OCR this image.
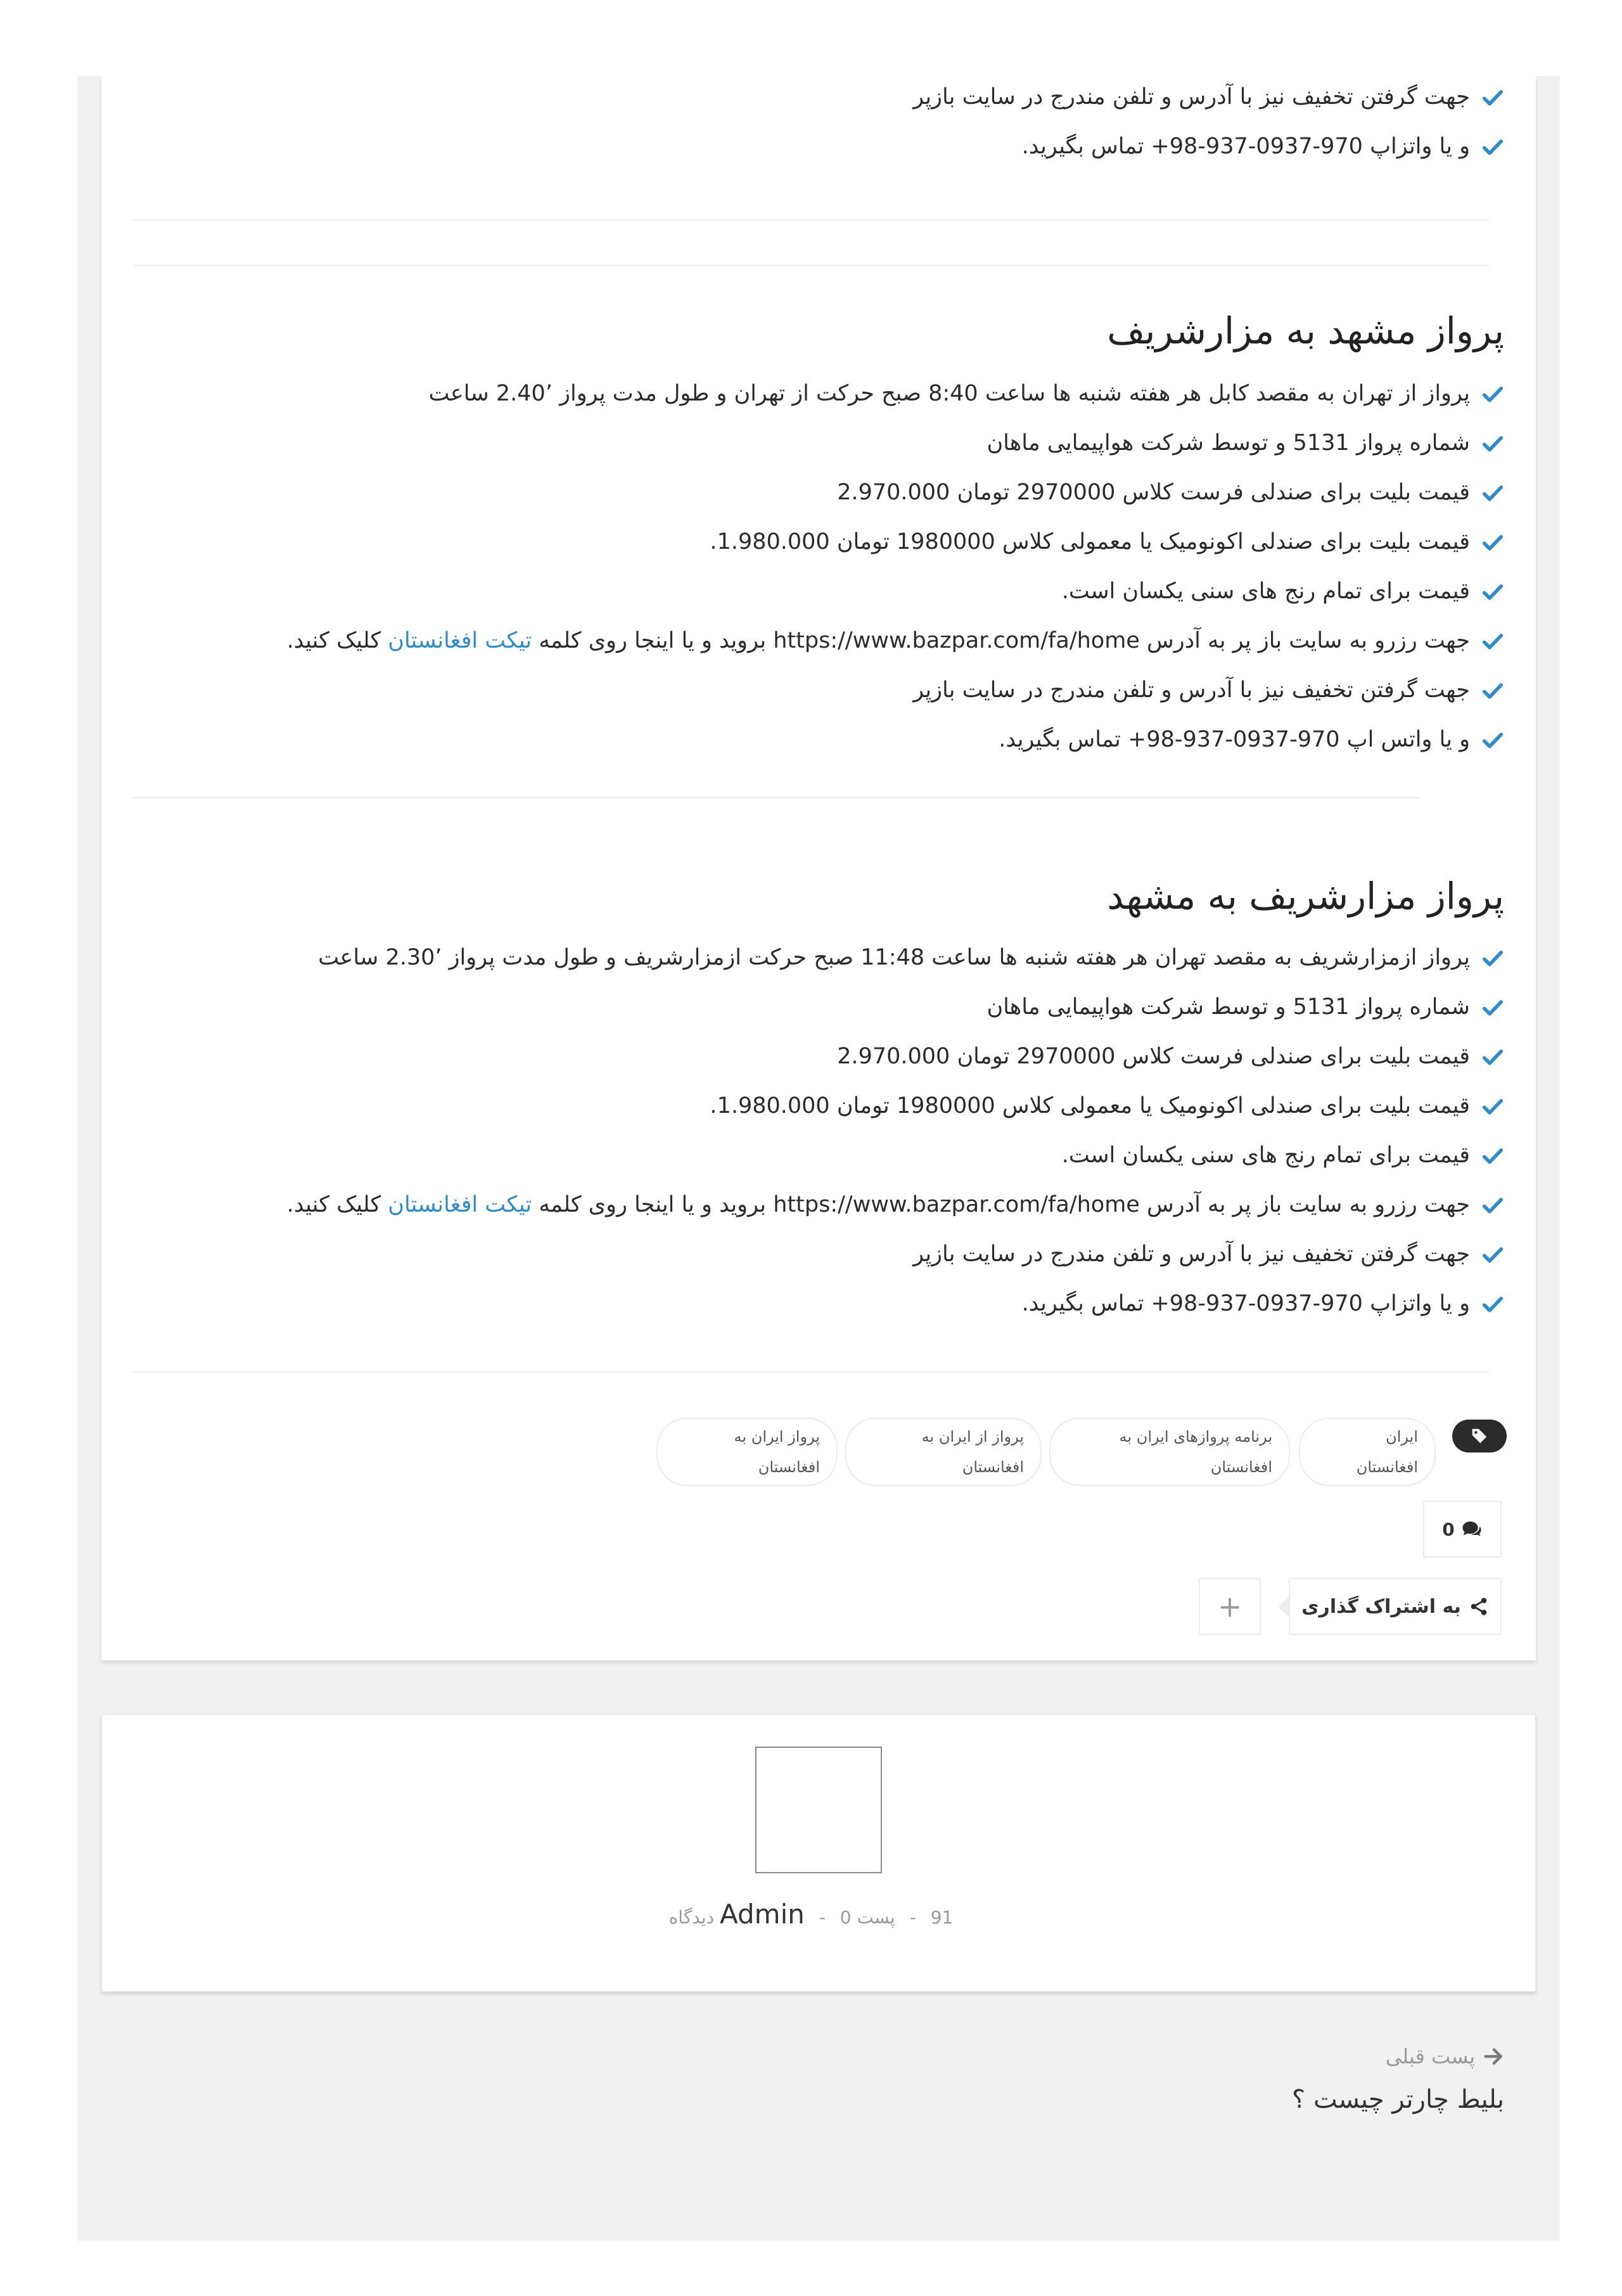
جهت گرفتن تخفیف نیز با آدرس و تلفن مندرج در سایت بازپر
و یا واتزاپ 970-0937-937-98+ تماس بگیرید.
پرواز مشهد به مزارشریف
پرواز از تهران به مقصد کابل هر هفته شنبه ها ساعت 8:40 صبح حرکت از تهران و طول مدت پرواز ’2.40 ساعت
شماره پرواز 5131 و توسط شرکت هواپیمایی ماهان
قیمت بلیت برای صندلی فرست کلاس 2970000 تومان 2.970.000
قیمت بلیت برای صندلی اکونومیک یا معمولی کلاس 1980000 تومان 1.980.000.
قیمت برای تمام رنج های سنی یکسان است.
جهت رزرو به سایت باز پر به آدرس https://www.bazpar.com/fa/home بروید و یا اینجا روی کلمه تیکت افغانستان کلیک کنید.
جهت گرفتن تخفیف نیز با آدرس و تلفن مندرج در سایت بازپر
و یا واتس اپ 970-0937-937-98+ تماس بگیرید.
پرواز مزارشریف به مشهد
پرواز ازمزارشریف به مقصد تهران هر هفته شنبه ها ساعت 11:48 صبح حرکت ازمزارشریف و طول مدت پرواز ’2.30 ساعت
شماره پرواز 5131 و توسط شرکت هواپیمایی ماهان
قیمت بلیت برای صندلی فرست کلاس 2970000 تومان 2.970.000
قیمت بلیت برای صندلی اکونومیک یا معمولی کلاس 1980000 تومان 1.980.000.
قیمت برای تمام رنج های سنی یکسان است.
جهت رزرو به سایت باز پر به آدرس https://www.bazpar.com/fa/home بروید و یا اینجا روی کلمه تیکت افغانستان کلیک کنید.
جهت گرفتن تخفیف نیز با آدرس و تلفن مندرج در سایت بازپر
و یا واتزاپ 970-0937-937-98+ تماس بگیرید.
ایران
افغانستان
برنامه پروازهای ایران به
افغانستان
پرواز از ایران به
افغانستان
پرواز ایران به
افغانستان
0
به اشتراک گذاری
+
91 - پست Admin - 0 دیدگاه
پست قبلی
بلیط چارتر چیست ؟
